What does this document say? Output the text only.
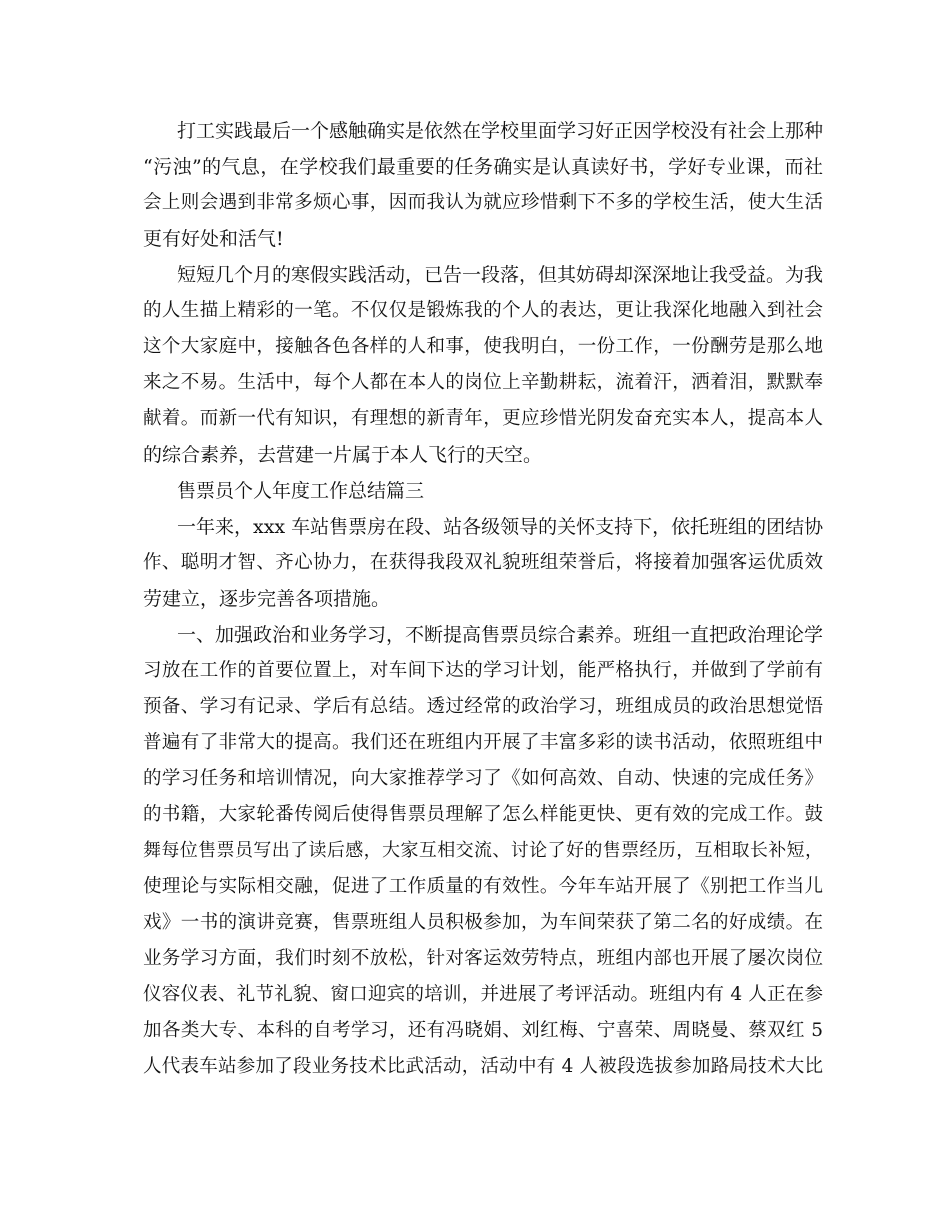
打工实践最后一个感触确实是依然在学校里面学习好正因学校没有社会上那种
“污浊”的气息，在学校我们最重要的任务确实是认真读好书，学好专业课，而社
会上则会遇到非常多烦心事，因而我认为就应珍惜剩下不多的学校生活，使大生活
更有好处和活气!
短短几个月的寒假实践活动，已告一段落，但其妨碍却深深地让我受益。为我
的人生描上精彩的一笔。不仅仅是锻炼我的个人的表达，更让我深化地融入到社会
这个大家庭中，接触各色各样的人和事，使我明白，一份工作，一份酬劳是那么地
来之不易。生活中，每个人都在本人的岗位上辛勤耕耘，流着汗，洒着泪，默默奉
献着。而新一代有知识，有理想的新青年，更应珍惜光阴发奋充实本人，提高本人
的综合素养，去营建一片属于本人飞行的天空。
售票员个人年度工作总结篇三
一年来，xxx 车站售票房在段、站各级领导的关怀支持下，依托班组的团结协
作、聪明才智、齐心协力，在获得我段双礼貌班组荣誉后，将接着加强客运优质效
劳建立，逐步完善各项措施。
一、加强政治和业务学习，不断提高售票员综合素养。班组一直把政治理论学
习放在工作的首要位置上，对车间下达的学习计划，能严格执行，并做到了学前有
预备、学习有记录、学后有总结。透过经常的政治学习，班组成员的政治思想觉悟
普遍有了非常大的提高。我们还在班组内开展了丰富多彩的读书活动，依照班组中
的学习任务和培训情况，向大家推荐学习了《如何高效、自动、快速的完成任务》
的书籍，大家轮番传阅后使得售票员理解了怎么样能更快、更有效的完成工作。鼓
舞每位售票员写出了读后感，大家互相交流、讨论了好的售票经历，互相取长补短，
使理论与实际相交融，促进了工作质量的有效性。今年车站开展了《别把工作当儿
戏》一书的演讲竞赛，售票班组人员积极参加，为车间荣获了第二名的好成绩。在
业务学习方面，我们时刻不放松，针对客运效劳特点，班组内部也开展了屡次岗位
仪容仪表、礼节礼貌、窗口迎宾的培训，并进展了考评活动。班组内有 4 人正在参
加各类大专、本科的自考学习，还有冯晓娟、刘红梅、宁喜荣、周晓曼、蔡双红 5
人代表车站参加了段业务技术比武活动，活动中有 4 人被段选拔参加路局技术大比
